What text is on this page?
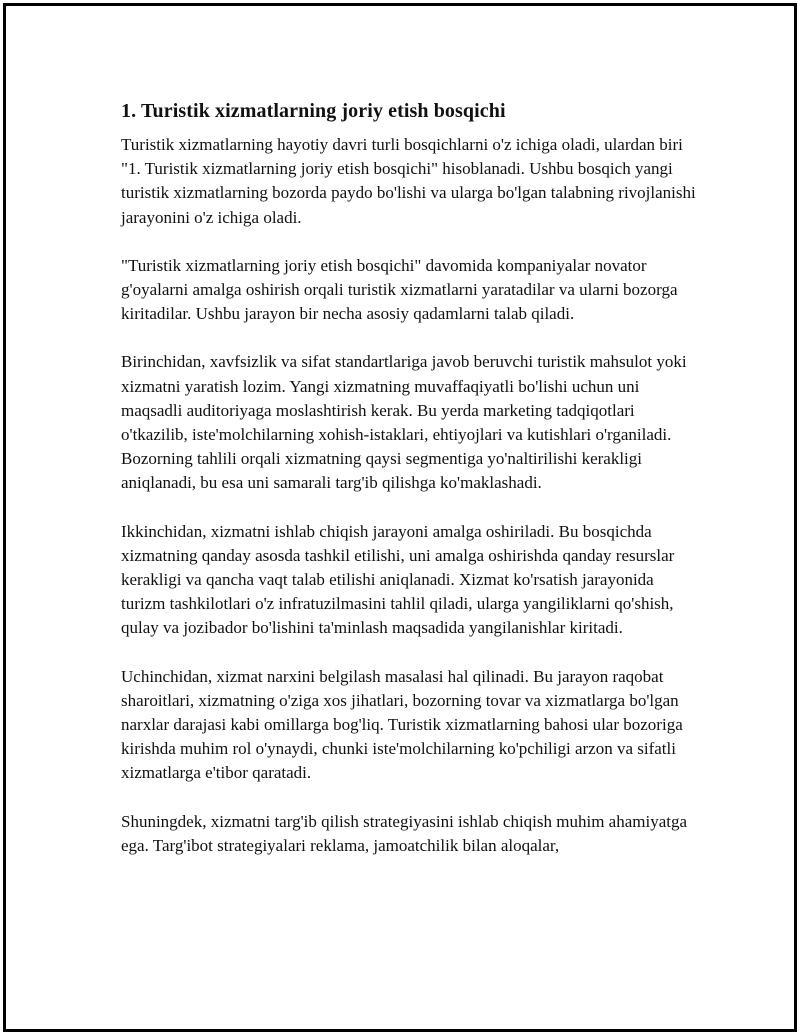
1. Turistik xizmatlarning joriy etish bosqichi

Turistik xizmatlarning hayotiy davri turli bosqichlarni o'z ichiga oladi, ulardan biri "1. Turistik xizmatlarning joriy etish bosqichi" hisoblanadi. Ushbu bosqich yangi turistik xizmatlarning bozorda paydo bo'lishi va ularga bo'lgan talabning rivojlanishi jarayonini o'z ichiga oladi.

"Turistik xizmatlarning joriy etish bosqichi" davomida kompaniyalar novator g'oyalarni amalga oshirish orqali turistik xizmatlarni yaratadilar va ularni bozorga kiritadilar. Ushbu jarayon bir necha asosiy qadamlarni talab qiladi.

Birinchidan, xavfsizlik va sifat standartlariga javob beruvchi turistik mahsulot yoki xizmatni yaratish lozim. Yangi xizmatning muvaffaqiyatli bo'lishi uchun uni maqsadli auditoriyaga moslashtirish kerak. Bu yerda marketing tadqiqotlari o'tkazilib, iste'molchilarning xohish-istaklari, ehtiyojlari va kutishlari o'rganiladi. Bozorning tahlili orqali xizmatning qaysi segmentiga yo'naltirilishi kerakligi aniqlanadi, bu esa uni samarali targ'ib qilishga ko'maklashadi.

Ikkinchidan, xizmatni ishlab chiqish jarayoni amalga oshiriladi. Bu bosqichda xizmatning qanday asosda tashkil etilishi, uni amalga oshirishda qanday resurslar kerakligi va qancha vaqt talab etilishi aniqlanadi. Xizmat ko'rsatish jarayonida turizm tashkilotlari o'z infratuzilmasini tahlil qiladi, ularga yangiliklarni qo'shish, qulay va jozibador bo'lishini ta'minlash maqsadida yangilanishlar kiritadi.

Uchinchidan, xizmat narxini belgilash masalasi hal qilinadi. Bu jarayon raqobat sharoitlari, xizmatning o'ziga xos jihatlari, bozorning tovar va xizmatlarga bo'lgan narxlar darajasi kabi omillarga bog'liq. Turistik xizmatlarning bahosi ular bozoriga kirishda muhim rol o'ynaydi, chunki iste'molchilarning ko'pchiligi arzon va sifatli xizmatlarga e'tibor qaratadi.

Shuningdek, xizmatni targ'ib qilish strategiyasini ishlab chiqish muhim ahamiyatga ega. Targ'ibot strategiyalari reklama, jamoatchilik bilan aloqalar,
